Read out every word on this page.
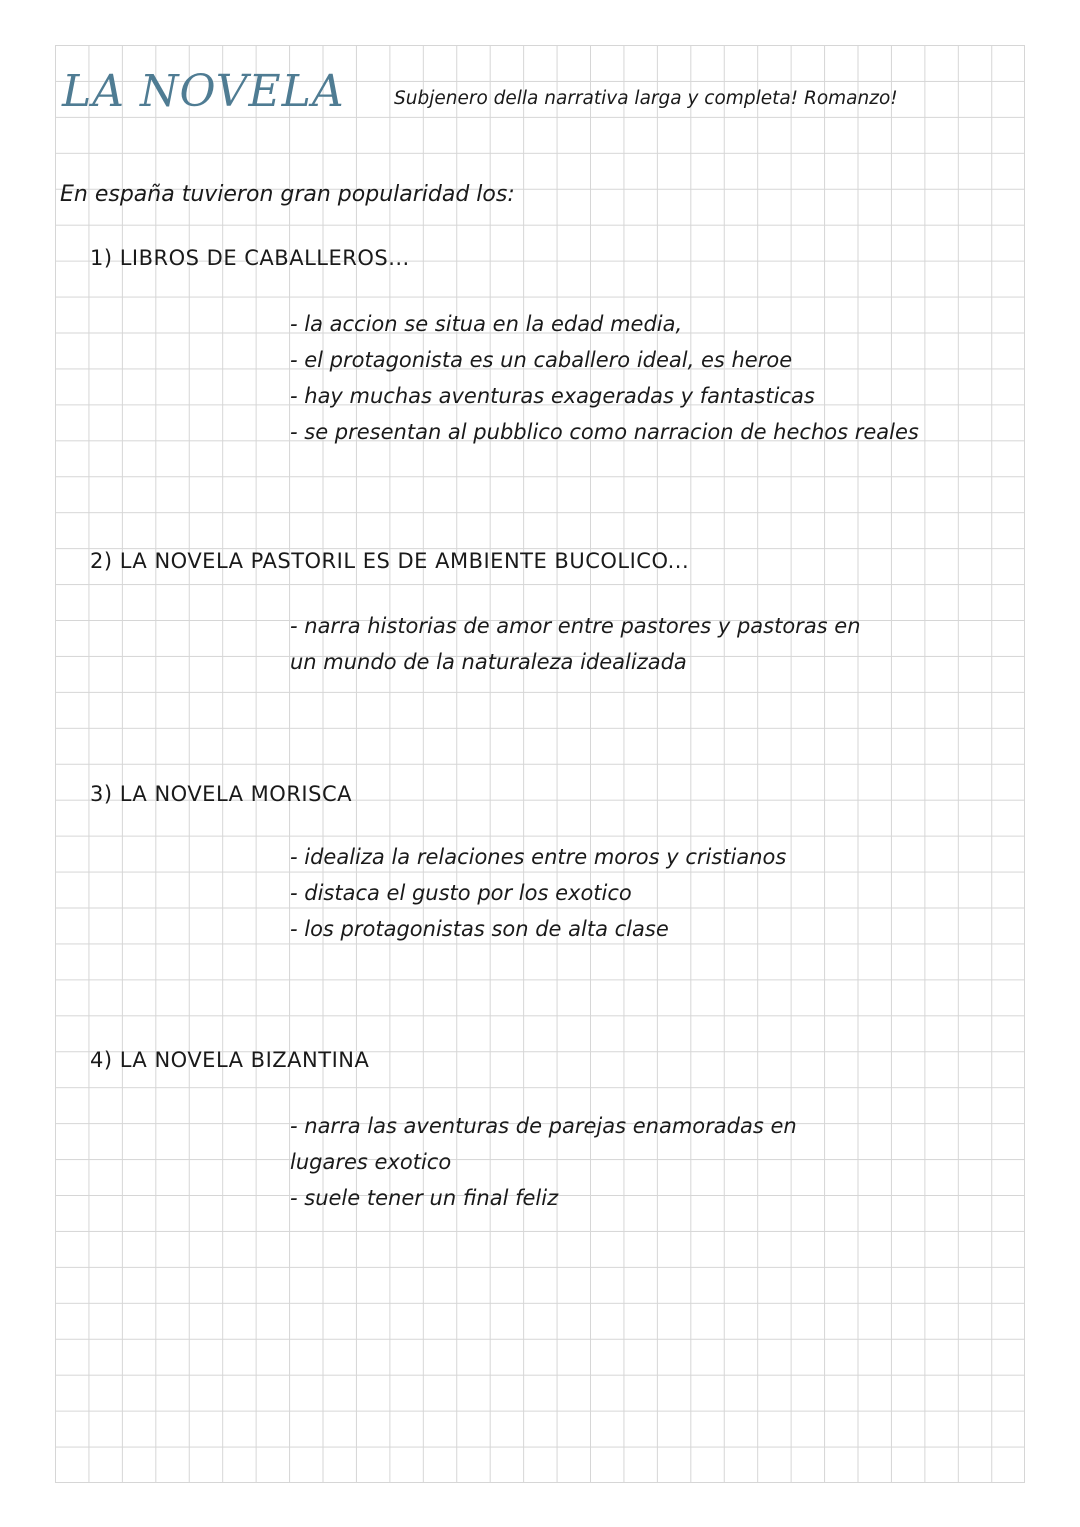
LA NOVELA	Subjenero della narrativa larga y completa! Romanzo!
En españa tuvieron gran popularidad los:
1) LIBROS DE CABALLEROS...
- la accion se situa en la edad media,
- el protagonista es un caballero ideal, es heroe
- hay muchas aventuras exageradas y fantasticas
- se presentan al pubblico como narracion de hechos reales
2) LA NOVELA PASTORIL ES DE AMBIENTE BUCOLICO...
- narra historias de amor entre pastores y pastoras en
un mundo de la naturaleza idealizada
3) LA NOVELA MORISCA
- idealiza la relaciones entre moros y cristianos
- distaca el gusto por los exotico
- los protagonistas son de alta clase
4) LA NOVELA BIZANTINA
- narra las aventuras de parejas enamoradas en
lugares exotico
- suele tener un final feliz
